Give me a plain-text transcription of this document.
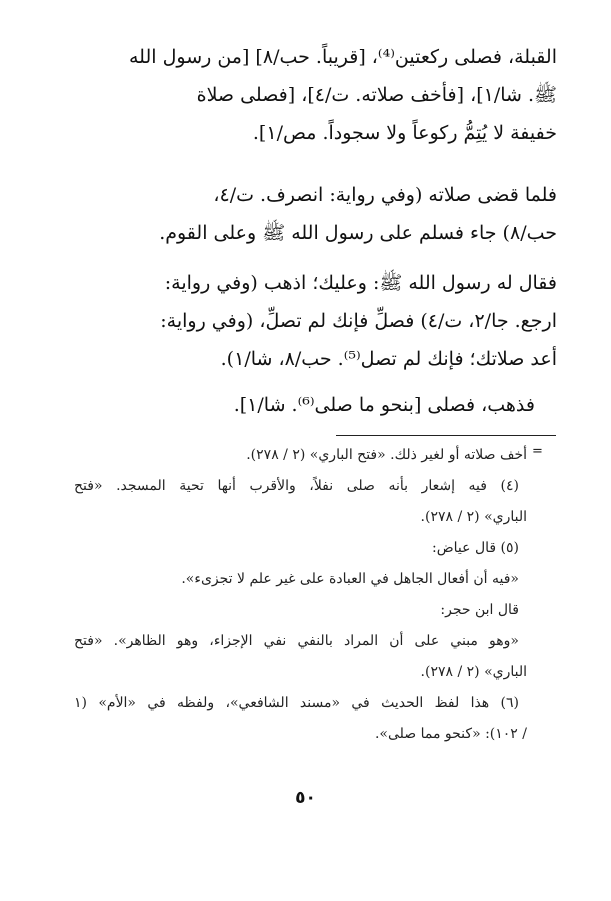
القبلة، فصلى ركعتين⁽⁴⁾، [قريباً. حب/٨] [من رسول الله
ﷺ. شا/١]، [فأخف صلاته. ت/٤]، [فصلى صلاة
خفيفة لا يُتِمُّ ركوعاً ولا سجوداً. مص/١].
فلما قضى صلاته (وفي رواية: انصرف. ت/٤،
حب/٨) جاء فسلم على رسول الله ﷺ وعلى القوم.
فقال له رسول الله ﷺ: وعليك؛ اذهب (وفي رواية:
ارجع. جا/٢، ت/٤) فصلِّ فإنك لم تصلِّ، (وفي رواية:
أعد صلاتك؛ فإنك لم تصل⁽⁵⁾. حب/٨، شا/١).
فذهب، فصلى [بنحو ما صلى⁽⁶⁾. شا/١].
=
أخف صلاته أو لغير ذلك. «فتح الباري» (٢ / ٢٧٨).
(٤) فيه إشعار بأنه صلى نفلاً، والأقرب أنها تحية المسجد. «فتح
الباري» (٢ / ٢٧٨).
(٥) قال عياض:
«فيه أن أفعال الجاهل في العبادة على غير علم لا تجزىء».
قال ابن حجر:
«وهو مبني على أن المراد بالنفي نفي الإجزاء، وهو الظاهر». «فتح
الباري» (٢ / ٢٧٨).
(٦) هذا لفظ الحديث في «مسند الشافعي»، ولفظه في «الأم» (١
/ ١٠٢): «كنحو مما صلى».
٥٠
